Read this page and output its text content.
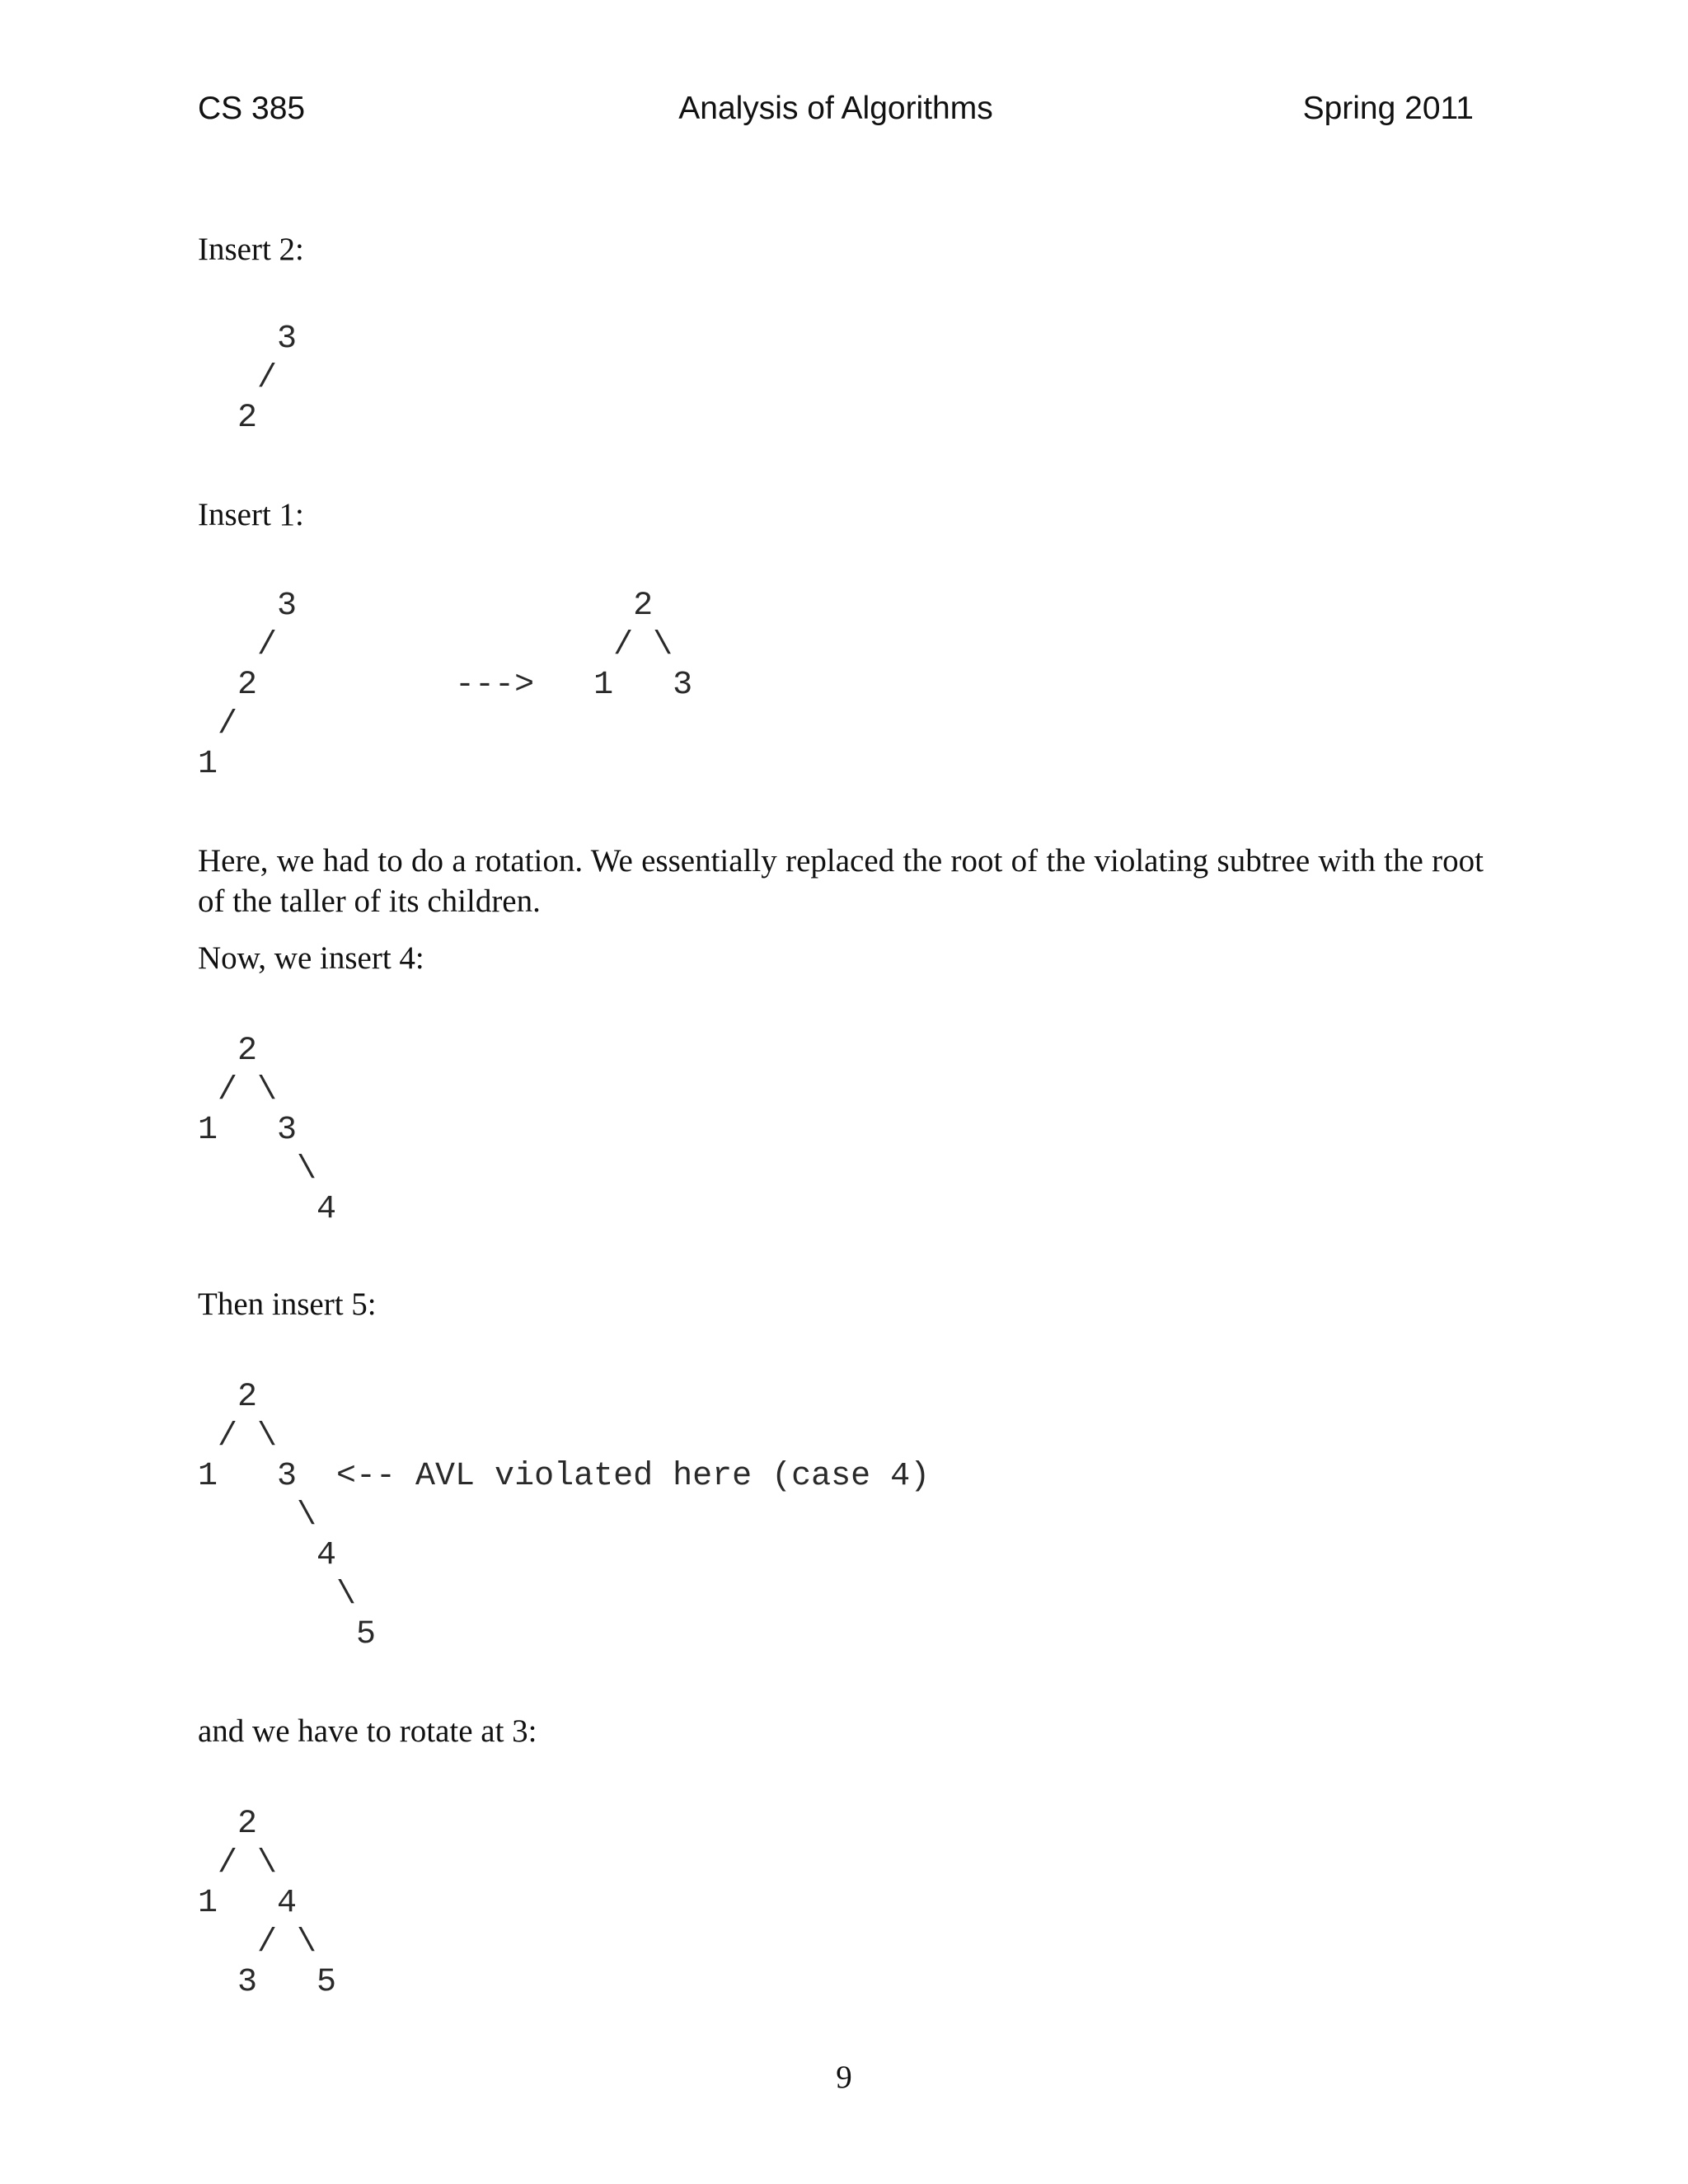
CS 385	Analysis of Algorithms	Spring 2011

Insert 2:

3
/
2

Insert 1:

3                 2
/                 / \
2          --->   1   3
/
1

Here, we had to do a rotation. We essentially replaced the root of the violating subtree with the root of the taller of its children.

Now, we insert 4:

2
/ \
1   3
\
4

Then insert 5:

2
/ \
1   3  <-- AVL violated here (case 4)
\
4
\
5

and we have to rotate at 3:

2
/ \
1   4
/ \
3   5
9
